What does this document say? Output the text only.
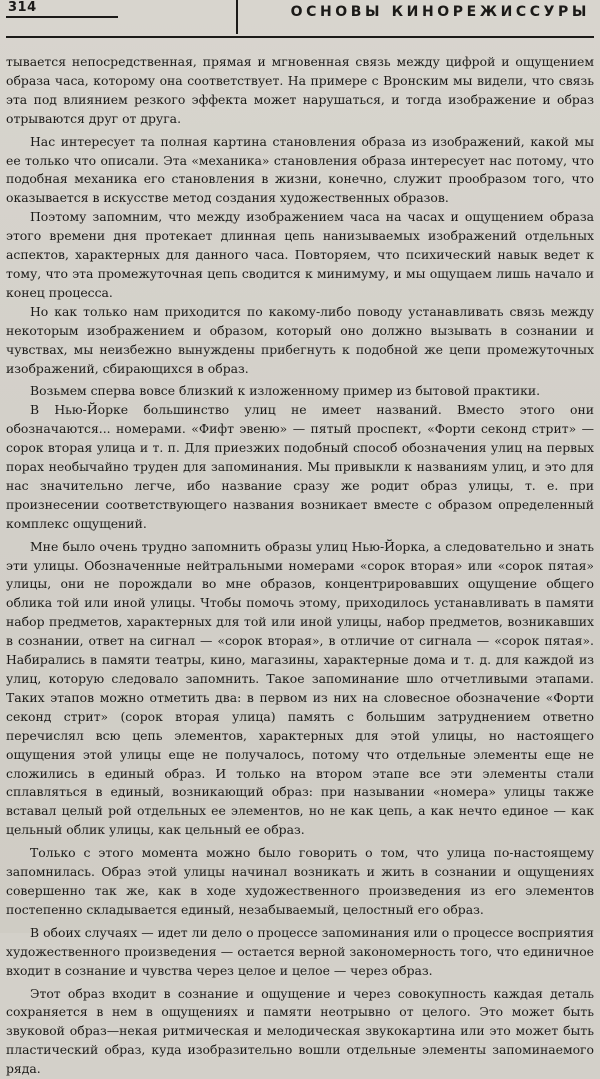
314	ОСНОВЫ КИНОРЕЖИССУРЫ

тывается непосредственная, прямая и мгновенная связь между цифрой и ощущением образа часа, которому она соответствует. На примере с Вронским мы видели, что связь эта под влиянием резкого эффекта может нарушаться, и тогда изображение и образ отрываются друг от друга.

Нас интересует та полная картина становления образа из изображений, какой мы ее только что описали. Эта «механика» становления образа интересует нас потому, что подобная механика его становления в жизни, конечно, служит прообразом того, что оказывается в искусстве метод создания художественных образов.

Поэтому запомним, что между изображением часа на часах и ощущением образа этого времени дня протекает длинная цепь нанизываемых изображений отдельных аспектов, характерных для данного часа. Повторяем, что психический навык ведет к тому, что эта промежуточная цепь сводится к минимуму, и мы ощущаем лишь начало и конец процесса.

Но как только нам приходится по какому-либо поводу устанавливать связь между некоторым изображением и образом, который оно должно вызывать в сознании и чувствах, мы неизбежно вынуждены прибегнуть к подобной же цепи промежуточных изображений, сбирающихся в образ.

Возьмем сперва вовсе близкий к изложенному пример из бытовой практики.

В Нью-Йорке большинство улиц не имеет названий. Вместо этого они обозначаются... номерами. «Фифт эвеню» — пятый проспект, «Форти секонд стрит» — сорок вторая улица и т. п. Для приезжих подобный способ обозначения улиц на первых порах необычайно труден для запоминания. Мы привыкли к названиям улиц, и это для нас значительно легче, ибо название сразу же родит образ улицы, т. е. при произнесении соответствующего названия возникает вместе с образом определенный комплекс ощущений.

Мне было очень трудно запомнить образы улиц Нью-Йорка, а следовательно и знать эти улицы. Обозначенные нейтральными номерами «сорок вторая» или «сорок пятая» улицы, они не порождали во мне образов, концентрировавших ощущение общего облика той или иной улицы. Чтобы помочь этому, приходилось устанавливать в памяти набор предметов, характерных для той или иной улицы, набор предметов, возникавших в сознании, ответ на сигнал — «сорок вторая», в отличие от сигнала — «сорок пятая». Набирались в памяти театры, кино, магазины, характерные дома и т. д. для каждой из улиц, которую следовало запомнить. Такое запоминание шло отчетливыми этапами. Таких этапов можно отметить два: в первом из них на словесное обозначение «Форти секонд стрит» (сорок вторая улица) память с большим затруднением ответно перечислял всю цепь элементов, характерных для этой улицы, но настоящего ощущения этой улицы еще не получалось, потому что отдельные элементы еще не сложились в единый образ. И только на втором этапе все эти элементы стали сплавляться в единый, возникающий образ: при назывании «номера» улицы также вставал целый рой отдельных ее элементов, но не как цепь, а как нечто единое — как цельный облик улицы, как цельный ее образ.

Только с этого момента можно было говорить о том, что улица по-настоящему запомнилась. Образ этой улицы начинал возникать и жить в сознании и ощущениях совершенно так же, как в ходе художественного произведения из его элементов постепенно складывается единый, незабываемый, целостный его образ.

В обоих случаях — идет ли дело о процессе запоминания или о процессе восприятия художественного произведения — остается верной закономерность того, что единичное входит в сознание и чувства через целое и целое — через образ.

Этот образ входит в сознание и ощущение и через совокупность каждая деталь сохраняется в нем в ощущениях и памяти неотрывно от целого. Это может быть звуковой образ—некая ритмическая и мелодическая звукокартина или это может быть пластический образ, куда изобразительно вошли отдельные элементы запоминаемого ряда.
